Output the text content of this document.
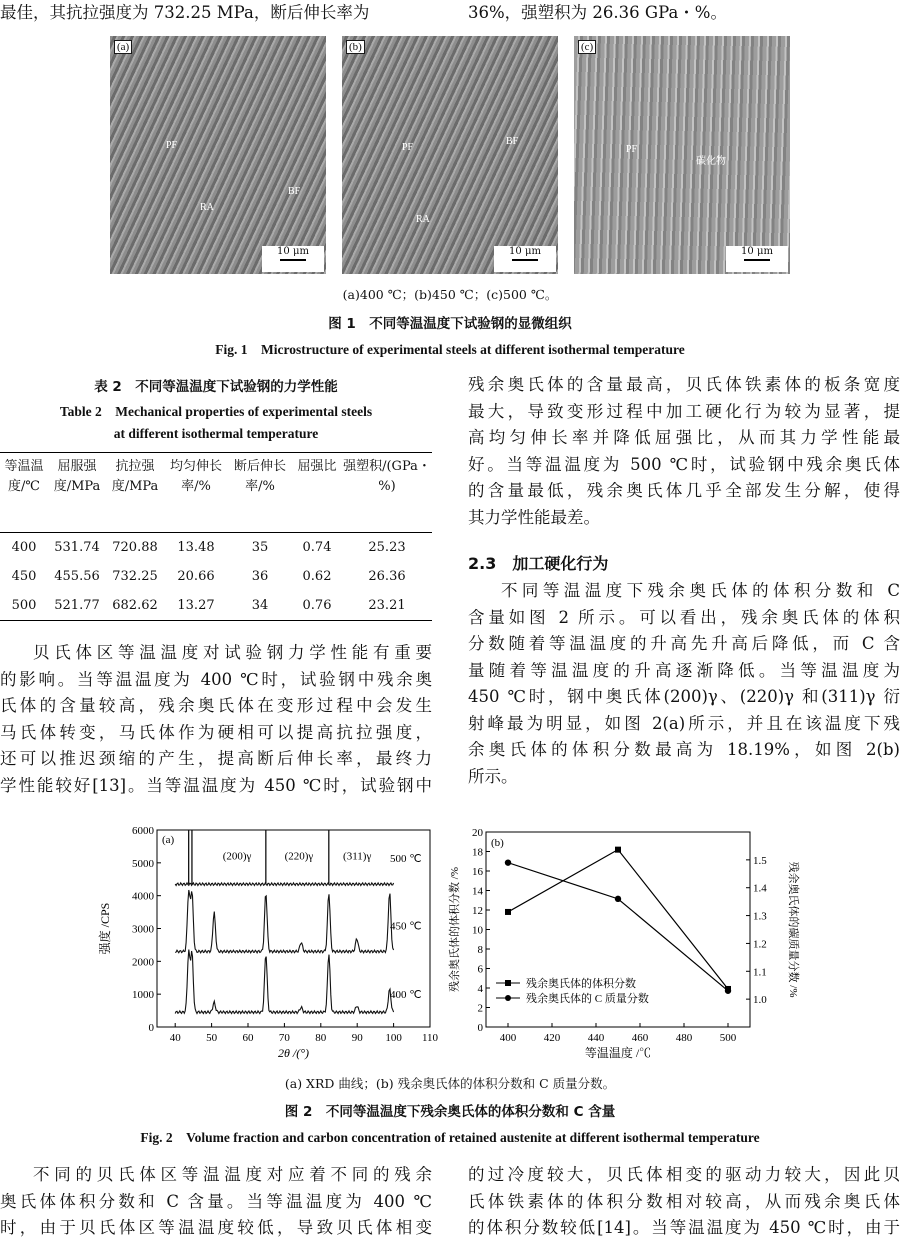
最佳，其抗拉强度为 732.25 MPa，断后伸长率为	36%，强塑积为 26.36 GPa・%。
(a)
PF
BF
RA
10 μm
(b)
PF
BF
RA
10 μm
(c)
PF
碳化物
10 μm
(a)400 ℃；(b)450 ℃；(c)500 ℃。
图 1　不同等温温度下试验钢的显微组织
Fig. 1　Microstructure of experimental steels at different isothermal temperature
表 2　不同等温温度下试验钢的力学性能
Table 2　Mechanical properties of experimental steels
at different isothermal temperature
等温温度/℃	屈服强度/MPa	抗拉强度/MPa	均匀伸长率/%	断后伸长率/%	屈强比	强塑积/(GPa・%)
400	531.74	720.88	13.48	35	0.74	25.23
450	455.56	732.25	20.66	36	0.62	26.36
500	521.77	682.62	13.27	34	0.76	23.21
贝氏体区等温温度对试验钢力学性能有重要
的影响。当等温温度为 400 ℃时，试验钢中残余奥
氏体的含量较高，残余奥氏体在变形过程中会发生
马氏体转变，马氏体作为硬相可以提高抗拉强度，
还可以推迟颈缩的产生，提高断后伸长率，最终力
学性能较好[13]。当等温温度为 450 ℃时，试验钢中
残余奥氏体的含量最高，贝氏体铁素体的板条宽度
最大，导致变形过程中加工硬化行为较为显著，提
高均匀伸长率并降低屈强比，从而其力学性能最
好。当等温温度为 500 ℃时，试验钢中残余奥氏体
的含量最低，残余奥氏体几乎全部发生分解，使得
其力学性能最差。
2.3　加工硬化行为
不同等温温度下残余奥氏体的体积分数和 C
含量如图 2 所示。可以看出，残余奥氏体的体积
分数随着等温温度的升高先升高后降低，而 C 含
量随着等温温度的升高逐渐降低。当等温温度为
450 ℃时，钢中奥氏体(200)γ、(220)γ 和(311)γ 衍
射峰最为明显，如图 2(a)所示，并且在该温度下残
余奥氏体的体积分数最高为 18.19%，如图 2(b)
所示。
40 50 60 70 80 90 100 110
0
1000
2000
3000
4000
5000
6000
2θ /(°)
强度 /CPS
(a)
500 ℃
450 ℃
400 ℃
(200)γ	(220)γ	(311)γ
400	420	440	460	480	500
0
2
4
6
8
10
12
14
16
18
20
1.0
1.1
1.2
1.3
1.4
1.5
等温温度 /℃
残余奥氏体的体积分数 /%	残余奥氏体的碳质量分数 /%
(b)
残余奥氏体的体积分数
残余奥氏体的 C 质量分数
(a) XRD 曲线；(b) 残余奥氏体的体积分数和 C 质量分数。
图 2　不同等温温度下残余奥氏体的体积分数和 C 含量
Fig. 2　Volume fraction and carbon concentration of retained austenite at different isothermal temperature
不同的贝氏体区等温温度对应着不同的残余
奥氏体体积分数和 C 含量。当等温温度为 400 ℃
时，由于贝氏体区等温温度较低，导致贝氏体相变
的过冷度较大，贝氏体相变的驱动力较大，因此贝
氏体铁素体的体积分数相对较高，从而残余奥氏体
的体积分数较低[14]。当等温温度为 450 ℃时，由于
